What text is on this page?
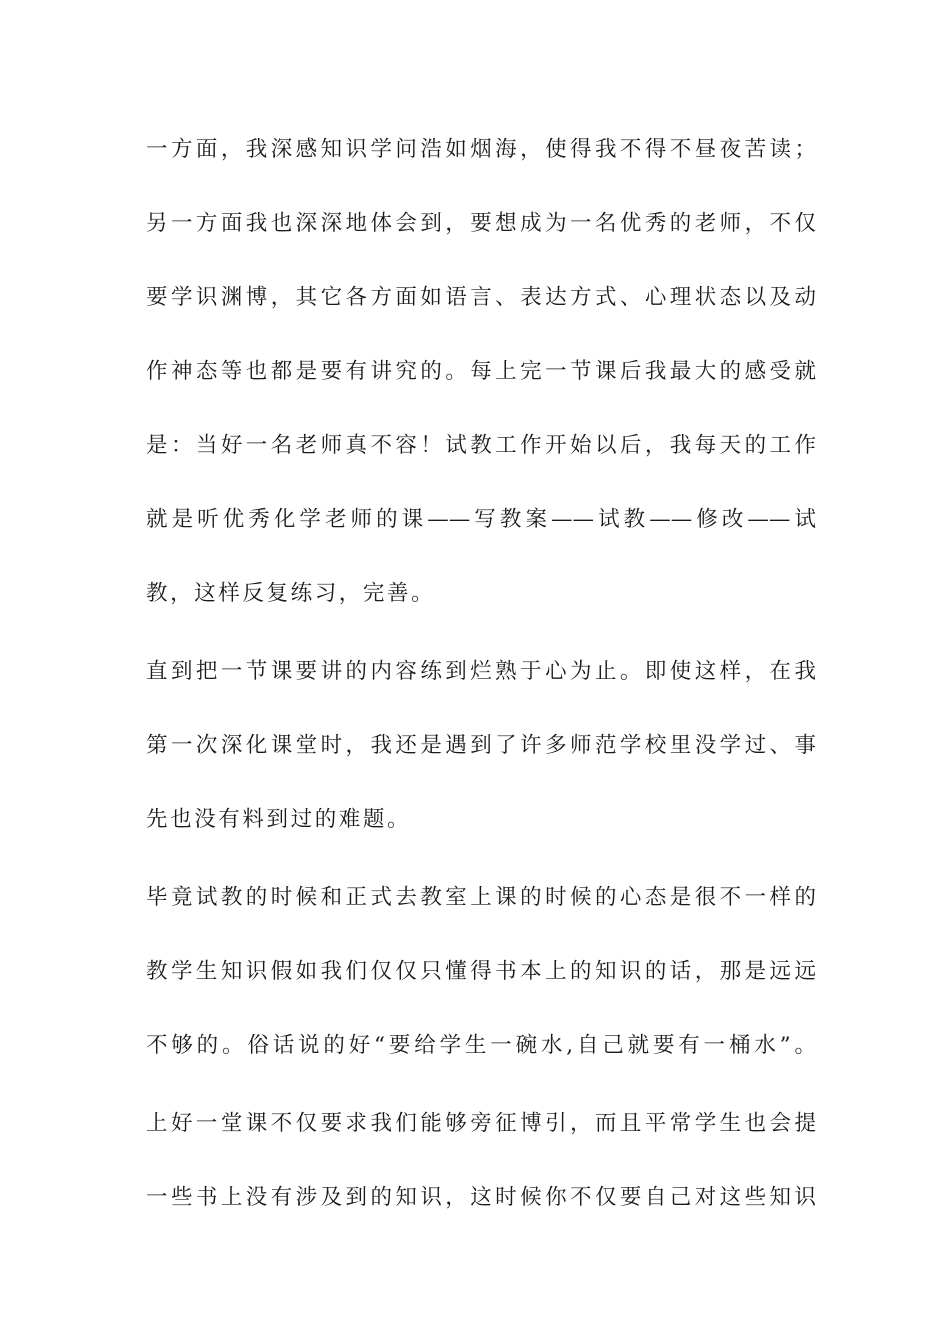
一方面，我深感知识学问浩如烟海，使得我不得不昼夜苦读；
另一方面我也深深地体会到，要想成为一名优秀的老师，不仅
要学识渊博，其它各方面如语言、表达方式、心理状态以及动
作神态等也都是要有讲究的。每上完一节课后我最大的感受就
是：当好一名老师真不容！试教工作开始以后，我每天的工作
就是听优秀化学老师的课——写教案——试教——修改——试
教，这样反复练习，完善。
直到把一节课要讲的内容练到烂熟于心为止。即使这样，在我
第一次深化课堂时，我还是遇到了许多师范学校里没学过、事
先也没有料到过的难题。
毕竟试教的时候和正式去教室上课的时候的心态是很不一样的
教学生知识假如我们仅仅只懂得书本上的知识的话，那是远远
不够的。俗话说的好“要给学生一碗水,自己就要有一桶水”。
上好一堂课不仅要求我们能够旁征博引，而且平常学生也会提
一些书上没有涉及到的知识，这时候你不仅要自己对这些知识
